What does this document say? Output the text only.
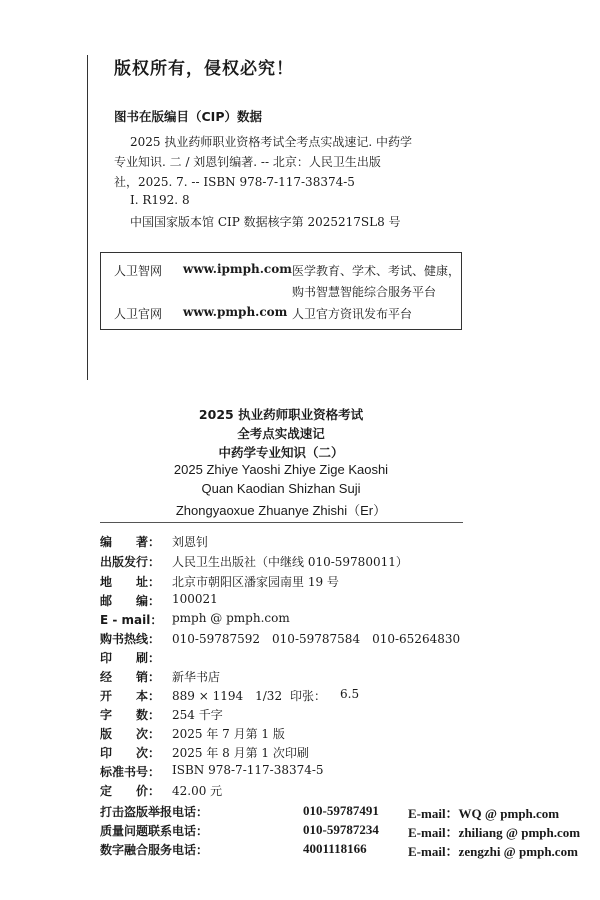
版权所有，侵权必究！
图书在版编目（CIP）数据
2025 执业药师职业资格考试全考点实战速记. 中药学
专业知识. 二 / 刘恩钊编著. -- 北京：人民卫生出版
社，2025. 7. -- ISBN 978-7-117-38374-5
Ⅰ. R192. 8
中国国家版本馆 CIP 数据核字第 2025217SL8 号
人卫智网 www.ipmph.com 医学教育、学术、考试、健康，
购书智慧智能综合服务平台
人卫官网 www.pmph.com 人卫官方资讯发布平台
2025 执业药师职业资格考试
全考点实战速记
中药学专业知识（二）
2025 Zhiye Yaoshi Zhiye Zige Kaoshi
Quan Kaodian Shizhan Suji
Zhongyaoxue Zhuanye Zhishi（Er）
编　　著： 刘恩钊
出版发行： 人民卫生出版社（中继线 010-59780011）
地　　址： 北京市朝阳区潘家园南里 19 号
邮　　编： 100021
E - mail： pmph @ pmph.com
购书热线： 010-59787592　010-59787584　010-65264830
印　　刷：
经　　销： 新华书店
开　　本： 889 × 1194　1/32 印张： 6.5
字　　数： 254 千字
版　　次： 2025 年 7 月第 1 版
印　　次： 2025 年 8 月第 1 次印刷
标准书号： ISBN 978-7-117-38374-5
定　　价： 42.00 元
打击盗版举报电话：	010-59787491 E-mail：WQ @ pmph.com
质量问题联系电话：	010-59787234 E-mail：zhiliang @ pmph.com
数字融合服务电话：	4001118166	E-mail：zengzhi @ pmph.com
